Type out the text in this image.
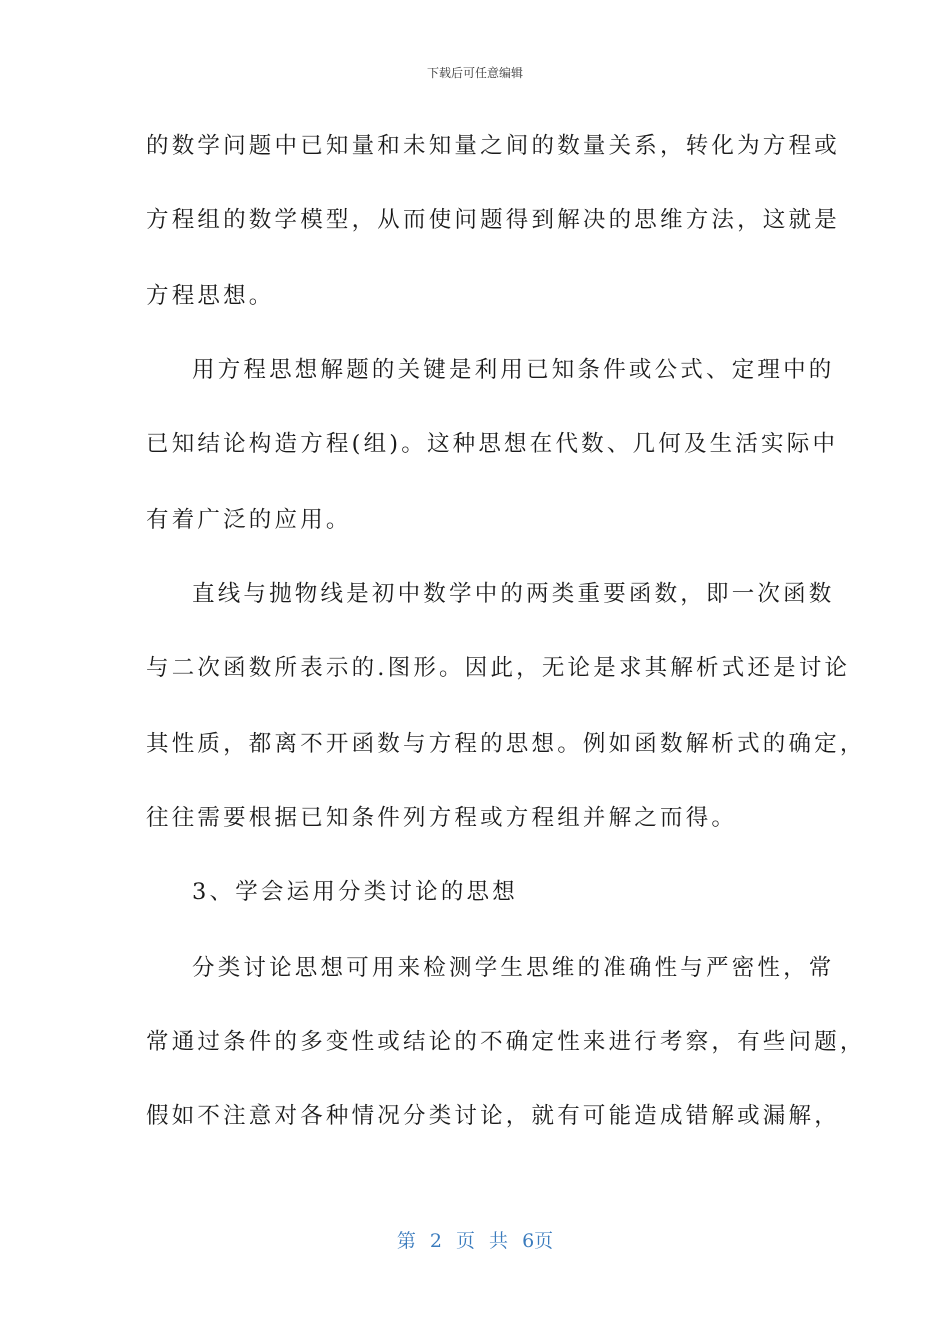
下载后可任意编辑
的数学问题中已知量和未知量之间的数量关系，转化为方程或
方程组的数学模型，从而使问题得到解决的思维方法，这就是
方程思想。
用方程思想解题的关键是利用已知条件或公式、定理中的
已知结论构造方程(组)。这种思想在代数、几何及生活实际中
有着广泛的应用。
直线与抛物线是初中数学中的两类重要函数，即一次函数
与二次函数所表示的.图形。因此，无论是求其解析式还是讨论
其性质，都离不开函数与方程的思想。例如函数解析式的确定，
往往需要根据已知条件列方程或方程组并解之而得。
3、学会运用分类讨论的思想
分类讨论思想可用来检测学生思维的准确性与严密性，常
常通过条件的多变性或结论的不确定性来进行考察，有些问题，
假如不注意对各种情况分类讨论，就有可能造成错解或漏解，
第 2 页 共 6页
